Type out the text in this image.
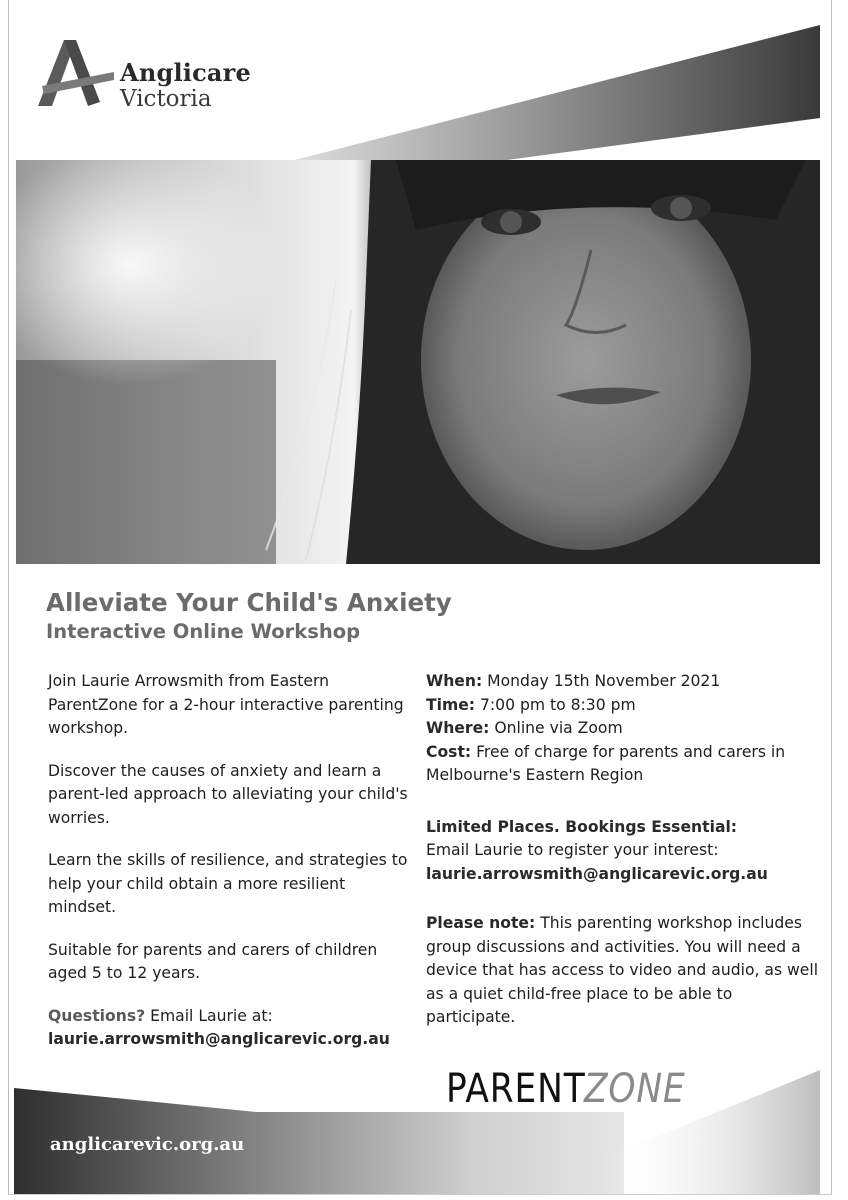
Anglicare
Victoria
Alleviate Your Child's Anxiety
Interactive Online Workshop

Join Laurie Arrowsmith from Eastern ParentZone for a 2-hour interactive parenting workshop.

Discover the causes of anxiety and learn a parent-led approach to alleviating your child's worries.

Learn the skills of resilience, and strategies to help your child obtain a more resilient mindset.

Suitable for parents and carers of children aged 5 to 12 years.

Questions? Email Laurie at:
laurie.arrowsmith@anglicarevic.org.au

When: Monday 15th November 2021

Time: 7:00 pm to 8:30 pm

Where: Online via Zoom

Cost: Free of charge for parents and carers in Melbourne's Eastern Region

Limited Places. Bookings Essential:
Email Laurie to register your interest:
laurie.arrowsmith@anglicarevic.org.au

Please note: This parenting workshop includes group discussions and activities. You will need a device that has access to video and audio, as well as a quiet child-free place to be able to participate.

anglicarevic.org.au
PARENTZONE
